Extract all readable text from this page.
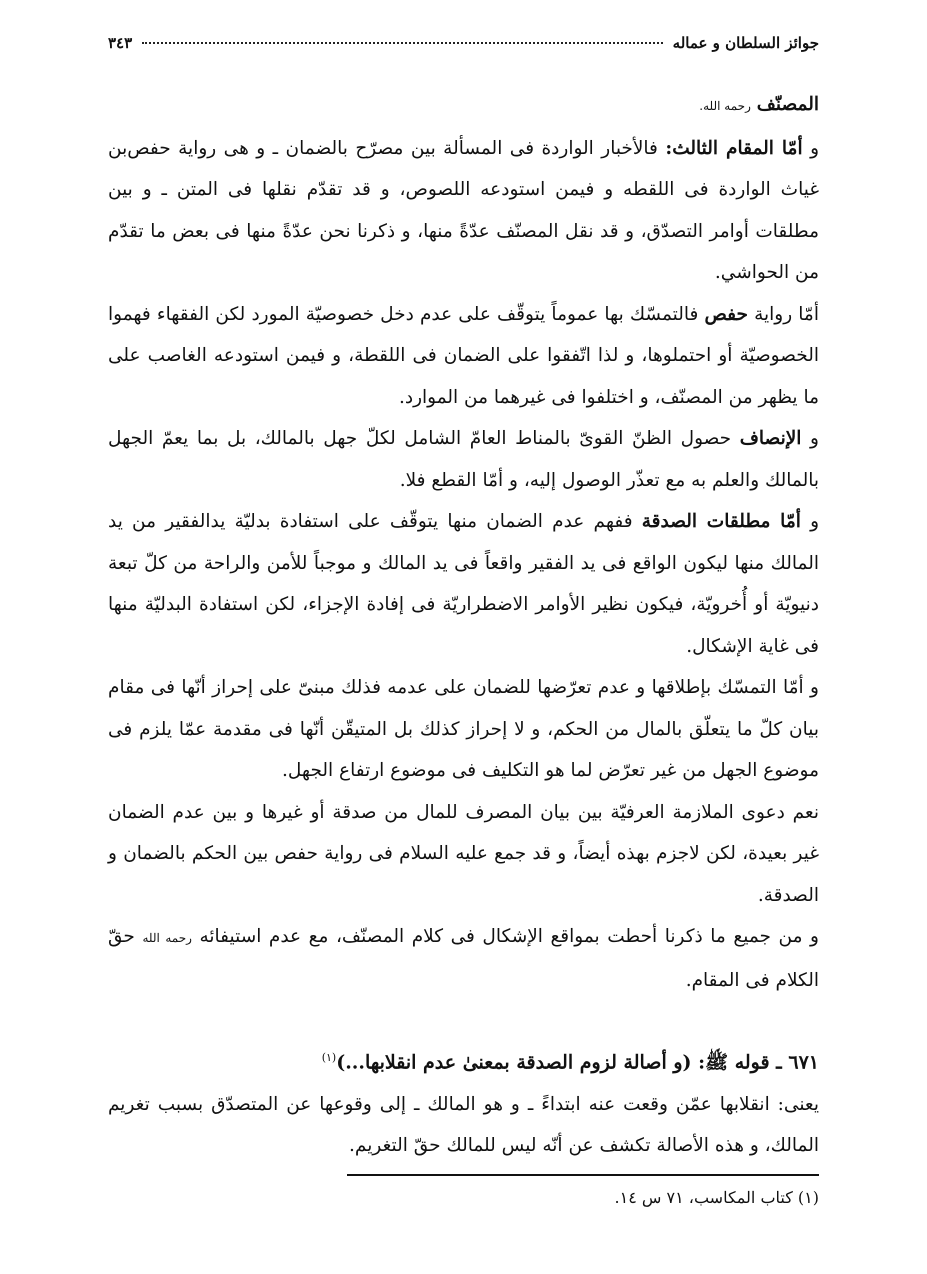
جوائز السلطان و عماله
٣٤٣

المصنّف رحمه الله.

و أمّا المقام الثالث: فالأخبار الواردة فى المسألة بين مصرّح بالضمان ـ و هى رواية حفص‌بن غياث الواردة فى اللقطه و فيمن استودعه اللصوص، و قد تقدّم نقلها فى المتن ـ و بين مطلقات أوامر التصدّق، و قد نقل المصنّف عدّةً منها، و ذكرنا نحن عدّةً منها فى بعض ما تقدّم من الحواشي.

أمّا رواية حفص فالتمسّك بها عموماً يتوقّف على عدم دخل خصوصيّة المورد لكن الفقهاء فهموا الخصوصيّة أو احتملوها، و لذا اتّفقوا على الضمان فى اللقطة، و فيمن استودعه الغاصب على ما يظهر من المصنّف، و اختلفوا فى غيرهما من الموارد.

و الإنصاف حصول الظنّ القوىّ بالمناط العامّ الشامل لكلّ جهل بالمالك، بل بما يعمّ الجهل بالمالك والعلم به مع تعذّر الوصول إليه، و أمّا القطع فلا.

و أمّا مطلقات الصدقة ففهم عدم الضمان منها يتوقّف على استفادة بدليّة يدالفقير من يد المالك منها ليكون الواقع فى يد الفقير واقعاً فى يد المالك و موجباً للأمن والراحة من كلّ تبعة دنيويّة أو أُخرويّة، فيكون نظير الأوامر الاضطراريّة فى إفادة الإجزاء، لكن استفادة البدليّة منها فى غاية الإشكال.

و أمّا التمسّك بإطلاقها و عدم تعرّضها للضمان على عدمه فذلك مبنىّ على إحراز أنّها فى مقام بيان كلّ ما يتعلّق بالمال من الحكم، و لا إحراز كذلك بل المتيقّن أنّها فى مقدمة عمّا يلزم فى موضوع الجهل من غير تعرّض لما هو التكليف فى موضوع ارتفاع الجهل.

نعم دعوى الملازمة العرفيّة بين بيان المصرف للمال من صدقة أو غيرها و بين عدم الضمان غير بعيدة، لكن لاجزم بهذه أيضاً، و قد جمع عليه السلام فى رواية حفص بين الحكم بالضمان و الصدقة.

و من جميع ما ذكرنا أحطت بمواقع الإشكال فى كلام المصنّف، مع عدم استيفائه رحمه الله حقّ الكلام فى المقام.

٦٧١ ـ قوله ﷺ: (و أصالة لزوم الصدقة بمعنىٰ عدم انقلابها...)$^{(١)}$

يعنى: انقلابها عمّن وقعت عنه ابتداءً ـ و هو المالك ـ إلى وقوعها عن المتصدّق بسبب تغريم المالك، و هذه الأصالة تكشف عن أنّه ليس للمالك حقّ التغريم.

(١) كتاب المكاسب، ٧١ س ١٤.
